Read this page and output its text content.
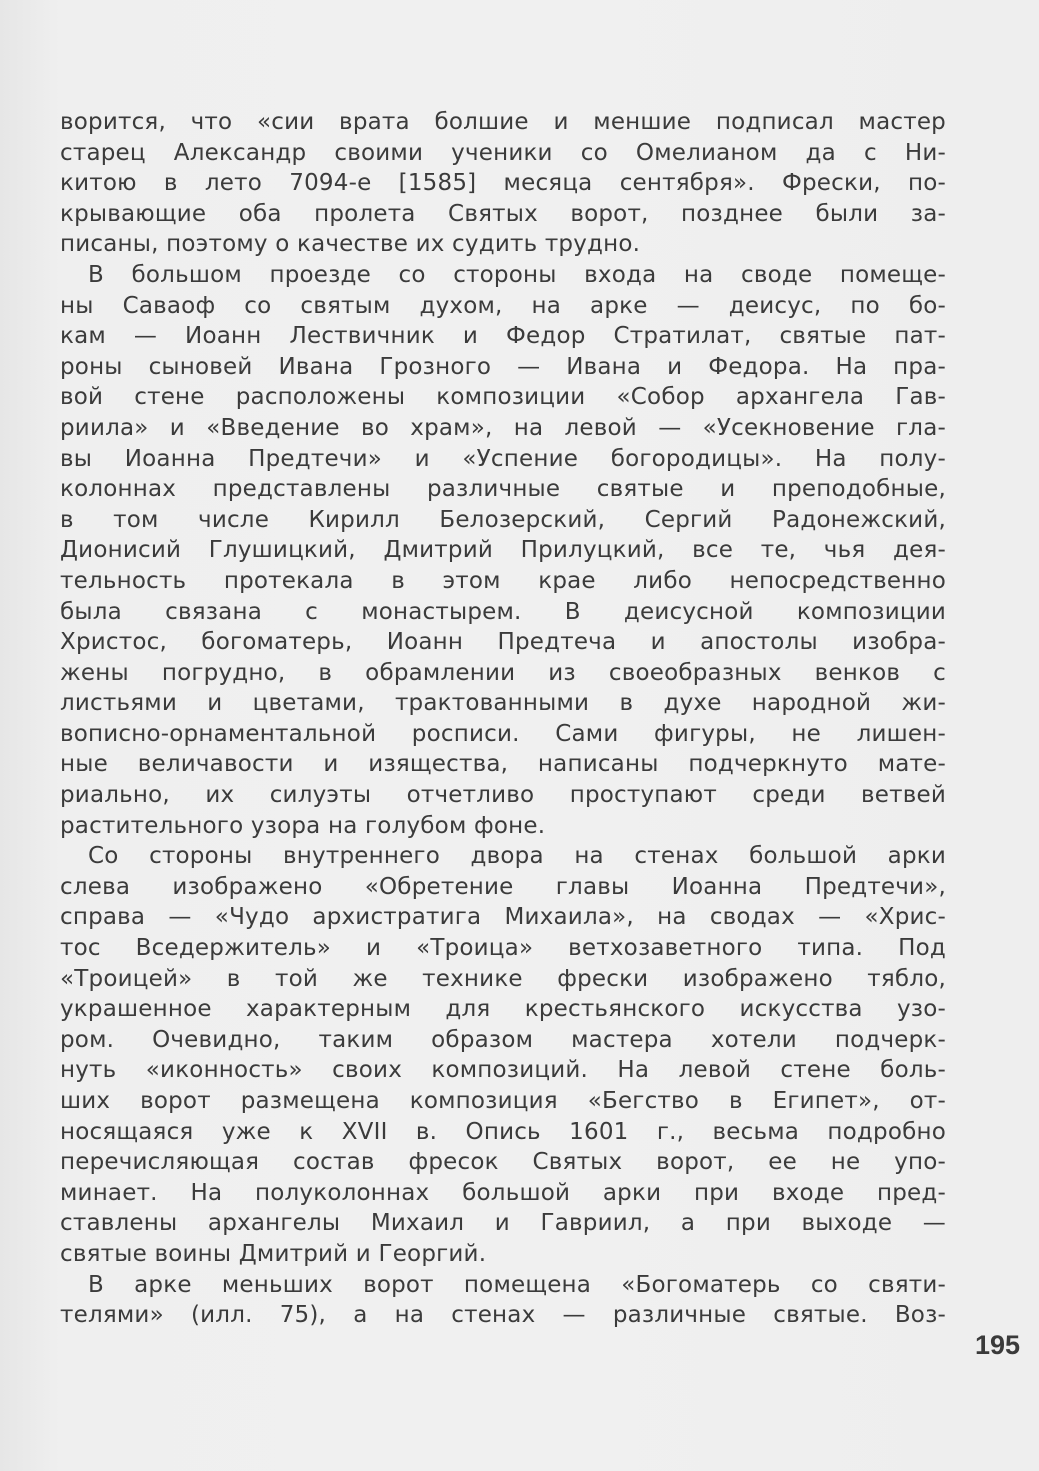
ворится, что «сии врата болшие и меншие подписал мастер
старец Александр своими ученики со Омелианом да с Ни-
китою в лето 7094-е [1585] месяца сентября». Фрески, по-
крывающие оба пролета Святых ворот, позднее были за-
писаны, поэтому о качестве их судить трудно.
В большом проезде со стороны входа на своде помеще-
ны Саваоф со святым духом, на арке — деисус, по бо-
кам — Иоанн Лествичник и Федор Стратилат, святые пат-
роны сыновей Ивана Грозного — Ивана и Федора. На пра-
вой стене расположены композиции «Собор архангела Гав-
риила» и «Введение во храм», на левой — «Усекновение гла-
вы Иоанна Предтечи» и «Успение богородицы». На полу-
колоннах представлены различные святые и преподобные,
в том числе Кирилл Белозерский, Сергий Радонежский,
Дионисий Глушицкий, Дмитрий Прилуцкий, все те, чья дея-
тельность протекала в этом крае либо непосредственно
была связана с монастырем. В деисусной композиции
Христос, богоматерь, Иоанн Предтеча и апостолы изобра-
жены погрудно, в обрамлении из своеобразных венков с
листьями и цветами, трактованными в духе народной жи-
вописно-орнаментальной росписи. Сами фигуры, не лишен-
ные величавости и изящества, написаны подчеркнуто мате-
риально, их силуэты отчетливо проступают среди ветвей
растительного узора на голубом фоне.
Со стороны внутреннего двора на стенах большой арки
слева изображено «Обретение главы Иоанна Предтечи»,
справа — «Чудо архистратига Михаила», на сводах — «Хрис-
тос Вседержитель» и «Троица» ветхозаветного типа. Под
«Троицей» в той же технике фрески изображено тябло,
украшенное характерным для крестьянского искусства узо-
ром. Очевидно, таким образом мастера хотели подчерк-
нуть «иконность» своих композиций. На левой стене боль-
ших ворот размещена композиция «Бегство в Египет», от-
носящаяся уже к XVII в. Опись 1601 г., весьма подробно
перечисляющая состав фресок Святых ворот, ее не упо-
минает. На полуколоннах большой арки при входе пред-
ставлены архангелы Михаил и Гавриил, а при выходе —
святые воины Дмитрий и Георгий.
В арке меньших ворот помещена «Богоматерь со святи-
телями» (илл. 75), а на стенах — различные святые. Воз-
195
